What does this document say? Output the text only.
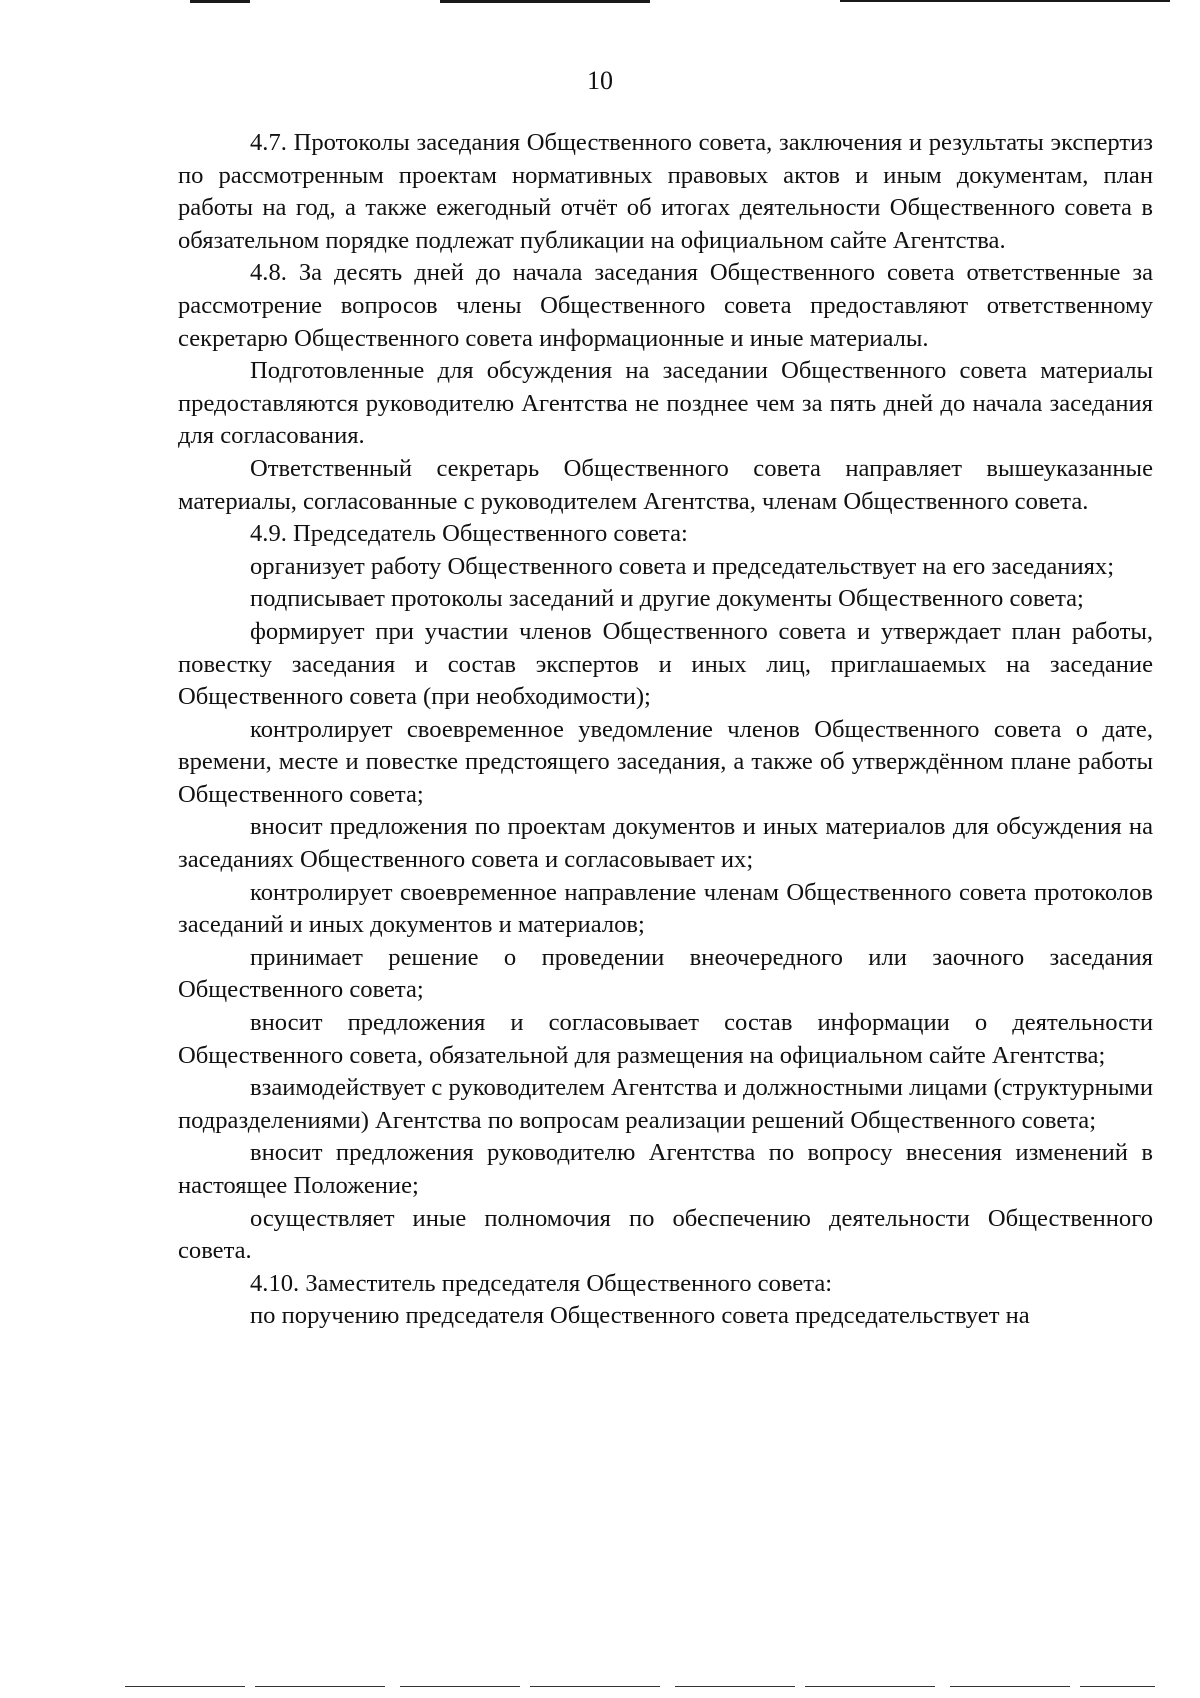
10

4.7. Протоколы заседания Общественного совета, заключения и результаты экспертиз по рассмотренным проектам нормативных правовых актов и иным документам, план работы на год, а также ежегодный отчёт об итогах деятельности Общественного совета в обязательном порядке подлежат публикации на официальном сайте Агентства.

4.8. За десять дней до начала заседания Общественного совета ответственные за рассмотрение вопросов члены Общественного совета предоставляют ответственному секретарю Общественного совета информационные и иные материалы.

Подготовленные для обсуждения на заседании Общественного совета материалы предоставляются руководителю Агентства не позднее чем за пять дней до начала заседания для согласования.

Ответственный секретарь Общественного совета направляет вышеуказанные материалы, согласованные с руководителем Агентства, членам Общественного совета.

4.9. Председатель Общественного совета:

организует работу Общественного совета и председательствует на его заседаниях;

подписывает протоколы заседаний и другие документы Общественного совета;

формирует при участии членов Общественного совета и утверждает план работы, повестку заседания и состав экспертов и иных лиц, приглашаемых на заседание Общественного совета (при необходимости);

контролирует своевременное уведомление членов Общественного совета о дате, времени, месте и повестке предстоящего заседания, а также об утверждённом плане работы Общественного совета;

вносит предложения по проектам документов и иных материалов для обсуждения на заседаниях Общественного совета и согласовывает их;

контролирует своевременное направление членам Общественного совета протоколов заседаний и иных документов и материалов;

принимает решение о проведении внеочередного или заочного заседания Общественного совета;

вносит предложения и согласовывает состав информации о деятельности Общественного совета, обязательной для размещения на официальном сайте Агентства;

взаимодействует с руководителем Агентства и должностными лицами (структурными подразделениями) Агентства по вопросам реализации решений Общественного совета;

вносит предложения руководителю Агентства по вопросу внесения изменений в настоящее Положение;

осуществляет иные полномочия по обеспечению деятельности Общественного совета.

4.10. Заместитель председателя Общественного совета:

по поручению председателя Общественного совета председательствует на
